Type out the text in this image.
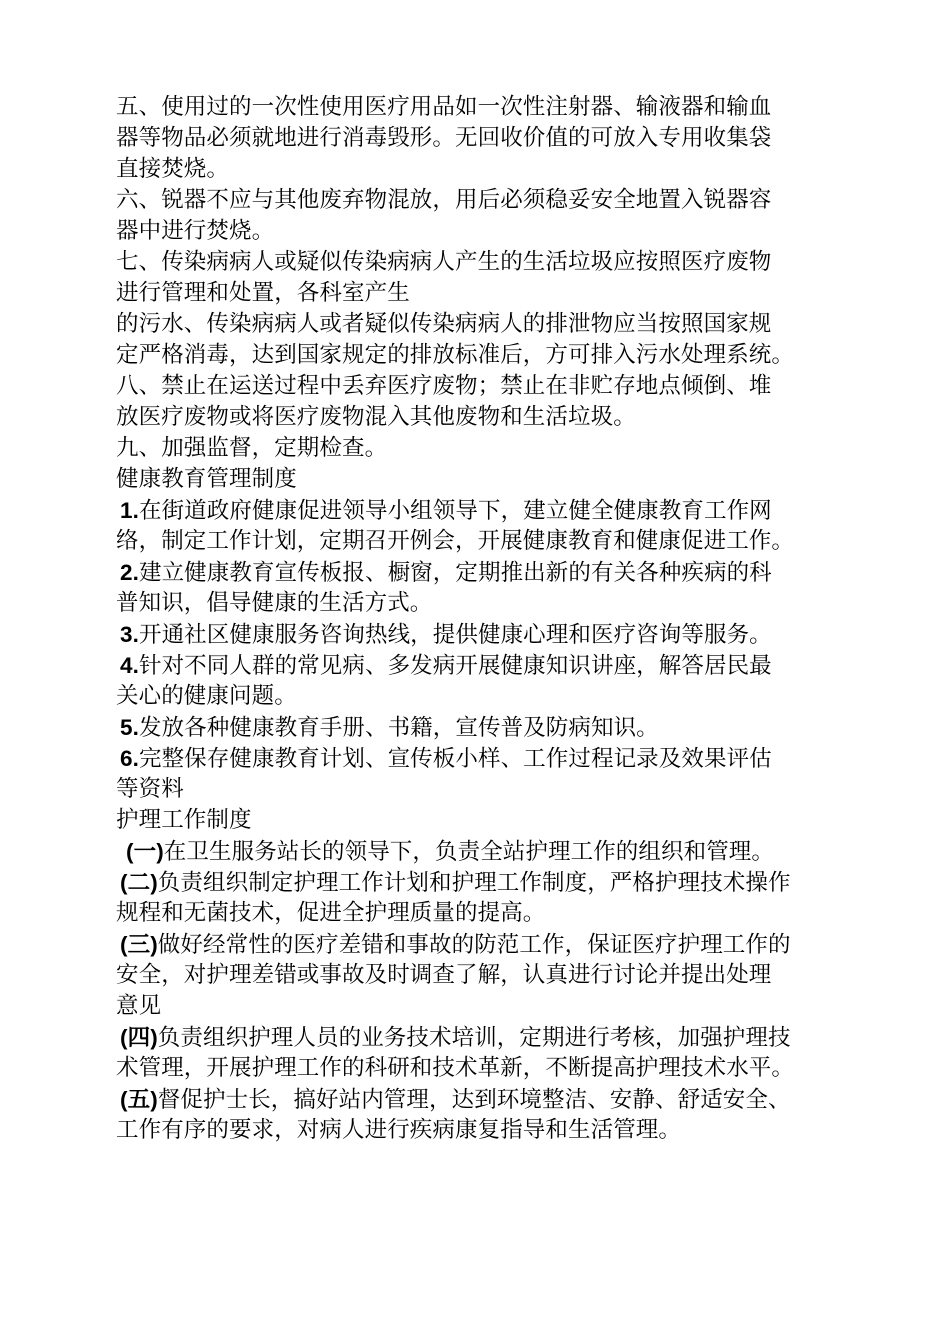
五、使用过的一次性使用医疗用品如一次性注射器、输液器和输血
器等物品必须就地进行消毒毁形。无回收价值的可放入专用收集袋
直接焚烧。
六、锐器不应与其他废弃物混放，用后必须稳妥安全地置入锐器容
器中进行焚烧。
七、传染病病人或疑似传染病病人产生的生活垃圾应按照医疗废物
进行管理和处置，各科室产生
的污水、传染病病人或者疑似传染病病人的排泄物应当按照国家规
定严格消毒，达到国家规定的排放标准后，方可排入污水处理系统。
八、禁止在运送过程中丢弃医疗废物；禁止在非贮存地点倾倒、堆
放医疗废物或将医疗废物混入其他废物和生活垃圾。
九、加强监督，定期检查。
健康教育管理制度
1.在街道政府健康促进领导小组领导下，建立健全健康教育工作网
络，制定工作计划，定期召开例会，开展健康教育和健康促进工作。
2.建立健康教育宣传板报、橱窗，定期推出新的有关各种疾病的科
普知识，倡导健康的生活方式。
3.开通社区健康服务咨询热线，提供健康心理和医疗咨询等服务。
4.针对不同人群的常见病、多发病开展健康知识讲座，解答居民最
关心的健康问题。
5.发放各种健康教育手册、书籍，宣传普及防病知识。
6.完整保存健康教育计划、宣传板小样、工作过程记录及效果评估
等资料
护理工作制度
(一)在卫生服务站长的领导下，负责全站护理工作的组织和管理。
(二)负责组织制定护理工作计划和护理工作制度，严格护理技术操作
规程和无菌技术，促进全护理质量的提高。
(三)做好经常性的医疗差错和事故的防范工作，保证医疗护理工作的
安全，对护理差错或事故及时调查了解，认真进行讨论并提出处理
意见
(四)负责组织护理人员的业务技术培训，定期进行考核，加强护理技
术管理，开展护理工作的科研和技术革新，不断提高护理技术水平。
(五)督促护士长，搞好站内管理，达到环境整洁、安静、舒适安全、
工作有序的要求，对病人进行疾病康复指导和生活管理。
